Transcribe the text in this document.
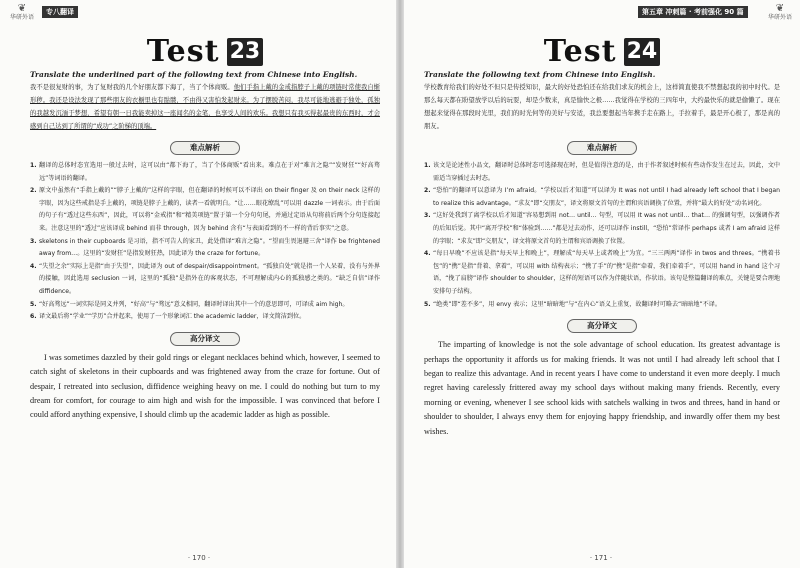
❦
华研外语
专八翻译
Test 23
Translate the underlined part of the following text from Chinese into English.
我不是很复财的事，为了复财我的几个好朋友都下海了，当了个体商贩。他们手指上戴的金戒指脖子上戴的项链时常使我自惭形秽。我还是设法发现了那些朋友的衣橱里也有骷髅，不由得又害怕发起财来。为了摆脱苦闷，我尽可能地逃避于独处，孤独的我越发沉湎于梦想，希望有朝一日我能卖掉这一座闻名的金笔，也享受人间的欢乐。我想只有我买得起最贵的东西时，才会感到自己达到了所谓的“成功”之阶梯的顶端。
难点解析
1. 翻译的总体时态宜选用一般过去时，这可以由“都下海了，当了个体商贩”看出来。难点在于对“难言之隐”“发财狂”“好高骛远”等词语的翻译。
2. 原文中虽然有“手指上戴的”“脖子上戴的”这样的字眼，但在翻译的时候可以不译出 on their finger 及 on their neck 这样的字眼，因为这些戒指是手上戴的，项链是脖子上戴的，读者一看就明白。“让……眼花缭乱”可以用 dazzle 一词表示。由于后面的句子有“透过这些东西”，因此，可以将“金戒指”和“精美项链”置于第一个分句句尾，并通过定语从句将前后两个分句连接起来。注意这里的“透过”应该译成 behind 而非 through，因为 behind 含有“与表面看到的不一样的背后事实”之意。
3. skeletons in their cupboards 是习语，指不可告人的家丑，此处借译“难言之隐”。“望而生畏退避三舍”译作 be frightened away from…。这里的“发财狂”是指发财狂热，因此译为 the craze for fortune。
4. “失望之余”实际上是指“由于失望”，因此译为 out of despair/disappointment。“孤独自处”就是指一个人呆着，没有与外界的接触，因此选用 seclusion 一词，这里的“孤独”是指外在的客观状态，不可理解成内心的孤独感之类的。“缺乏自信”译作 diffidence。
5. “好高骛远”一词实际是同义并列，“好高”与“骛远”意义相同，翻译时译出其中一个的意思即可，可译成 aim high。
6. 译文最后将“学业”“学历”合并起来，使用了一个形象词汇 the academic ladder，译文简洁到位。
高分译文

I was sometimes dazzled by their gold rings or elegant necklaces behind which, however, I seemed to catch sight of skeletons in their cupboards and was frightened away from the craze for fortune. Out of despair, I retreated into seclusion, diffidence weighing heavy on me. I could do nothing but turn to my dream for comfort, for courage to aim high and wish for the impossible. I was convinced that before I could afford anything expensive, I should climb up the academic ladder as high as possible.

· 170 ·
第五章 冲刺篇 · 考前强化 90 篇	❦
华研外语
Test 24
Translate the following text from Chinese into English.
学校教育给我们的好处不但只是传授知识，最大的好处恐怕还在给我们求友的机会上，这样简直使我不禁想起我的初中时代。是那么每天都在盼望放学以后的玩耍，却是少数来，真是愉快之极……我觉得在学校的三四年中，大约最快乐的就是偷懒了。现在想起来觉得在那段时光里，我们的时光何等的美好与安适，我总要想起当年携手走在路上，手拉着手，最是开心极了，那是真的朋友。
难点解析
1. 该文是论述性小品文，翻译时总体时态可选择现在时，但是值得注意的是，由于作者叙述时候有些动作发生在过去，因此，文中需适当穿插过去时态。
2. “恐怕”的翻译可以意译为 I’m afraid。“学校以后才知道”可以译为 It was not until I had already left school that I began to realize this advantage。“求友”即“交朋友”，译文将原文首句的主谓和宾语调换了位置，并将“最大的好处”动名词化。
3. “这好处我到了离学校以后才知道”容易想到用 not… until… 句型，可以用 It was not until… that… 的强调句型，以强调作者的后知后觉。其中“离开学校”和“体验到……”都是过去动作，还可以译作 instill，“恐怕”常译作 perhaps 或者 I am afraid 这样的字眼；“求友”即“交朋友”，译文将原文首句的主谓和宾语调换了位置。
4. “每日早晚”不应该是指“每天早上和晚上”，理解成“每天早上或者晚上”为宜。“三三两两”译作 in twos and threes。“携着书包”的“携”是指“背着、拿着”，可以用 with 结构表示；“携了手”的“携”是指“牵着，我们牵着手”，可以用 hand in hand 这个习语，“挽了肩膀”译作 shoulder to shoulder，这样的短语可以作为伴随状语，作状语。该句是整篇翻译的难点，关键是要合理地安排句子结构。
5. “绝类”即“差不多”，用 envy 表示；这里“暗暗地”与“在内心”语义上重复，故翻译时可略去“暗暗地”不译。
高分译文

The imparting of knowledge is not the sole advantage of school education. Its greatest advantage is perhaps the opportunity it affords us for making friends. It was not until I had already left school that I began to realize this advantage. And in recent years I have come to understand it even more deeply. I much regret having carelessly frittered away my school days without making many friends. Recently, every morning or evening, whenever I see school kids with satchels walking in twos and threes, hand in hand or shoulder to shoulder, I always envy them for enjoying happy friendship, and inwardly offer them my best wishes.

· 171 ·
